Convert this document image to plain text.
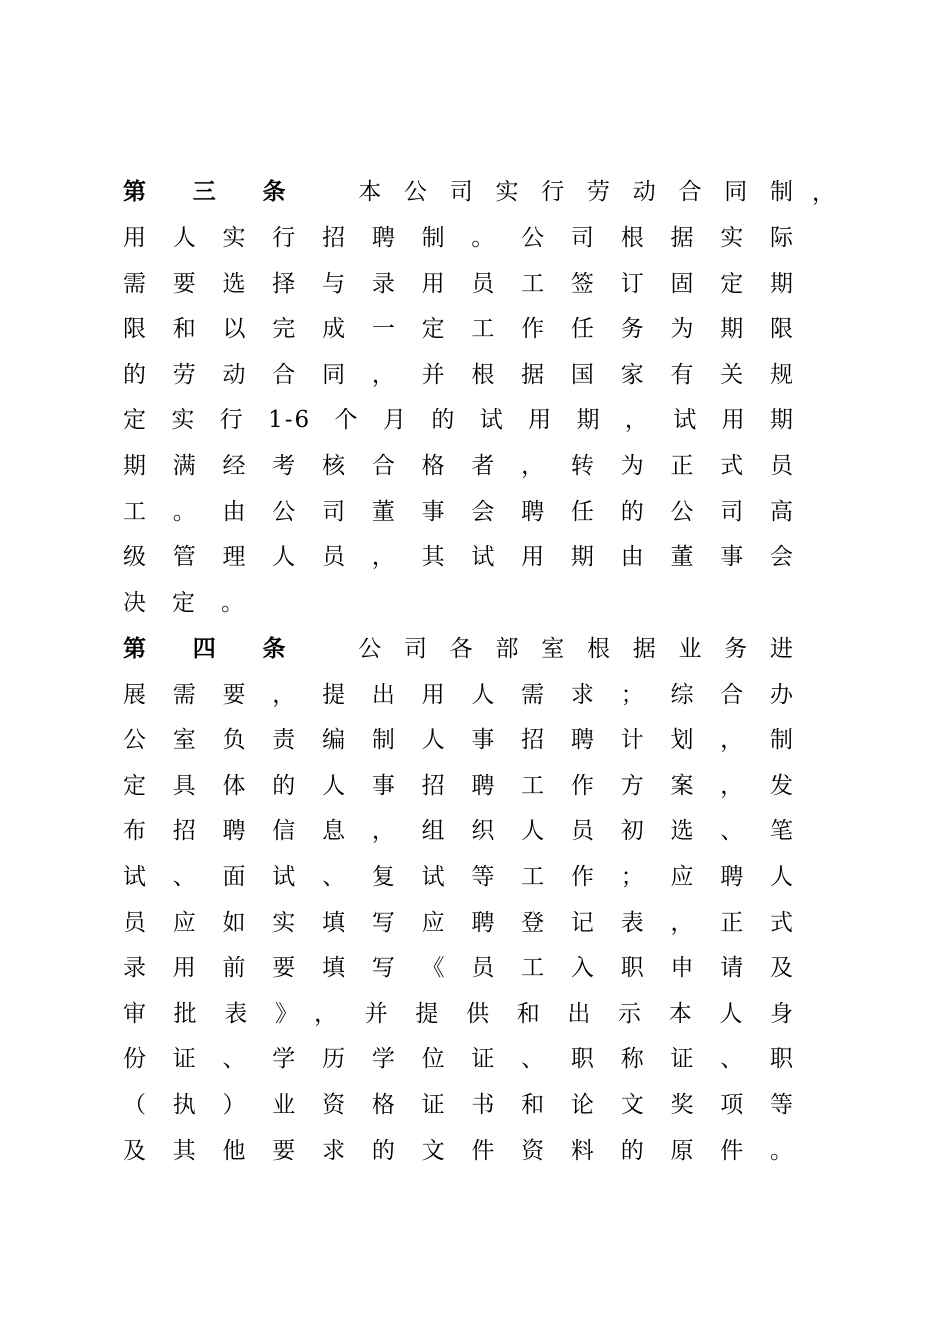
第三条 本公司实行劳动合同制 ，
用人实行招聘制。公司根据实际
需要选择与录用员工签订固定期
限和以完成一定工作任务为期限
的劳动合同，并根据国家有关规
定实行1-6个月的试用期，试用期
期满经考核合格者，转为正式员
工。由公司董事会聘任的公司高
级管理人员，其试用期由董事会
决定。
第四条 公司各部室根据业务进
展需要，提出用人需求；综合办
公室负责编制人事招聘计划，制
定具体的人事招聘工作方案，发
布招聘信息，组织人员初选、笔
试、面试、复试等工作；应聘人
员应如实填写应聘登记表，正式
录用前要填写《员工入职申请及
审批表》，并提供和出示本人身
份证、学历学位证、职称证、职
（执）业资格证书和论文奖项等
及其他要求的文件资料的原件。
